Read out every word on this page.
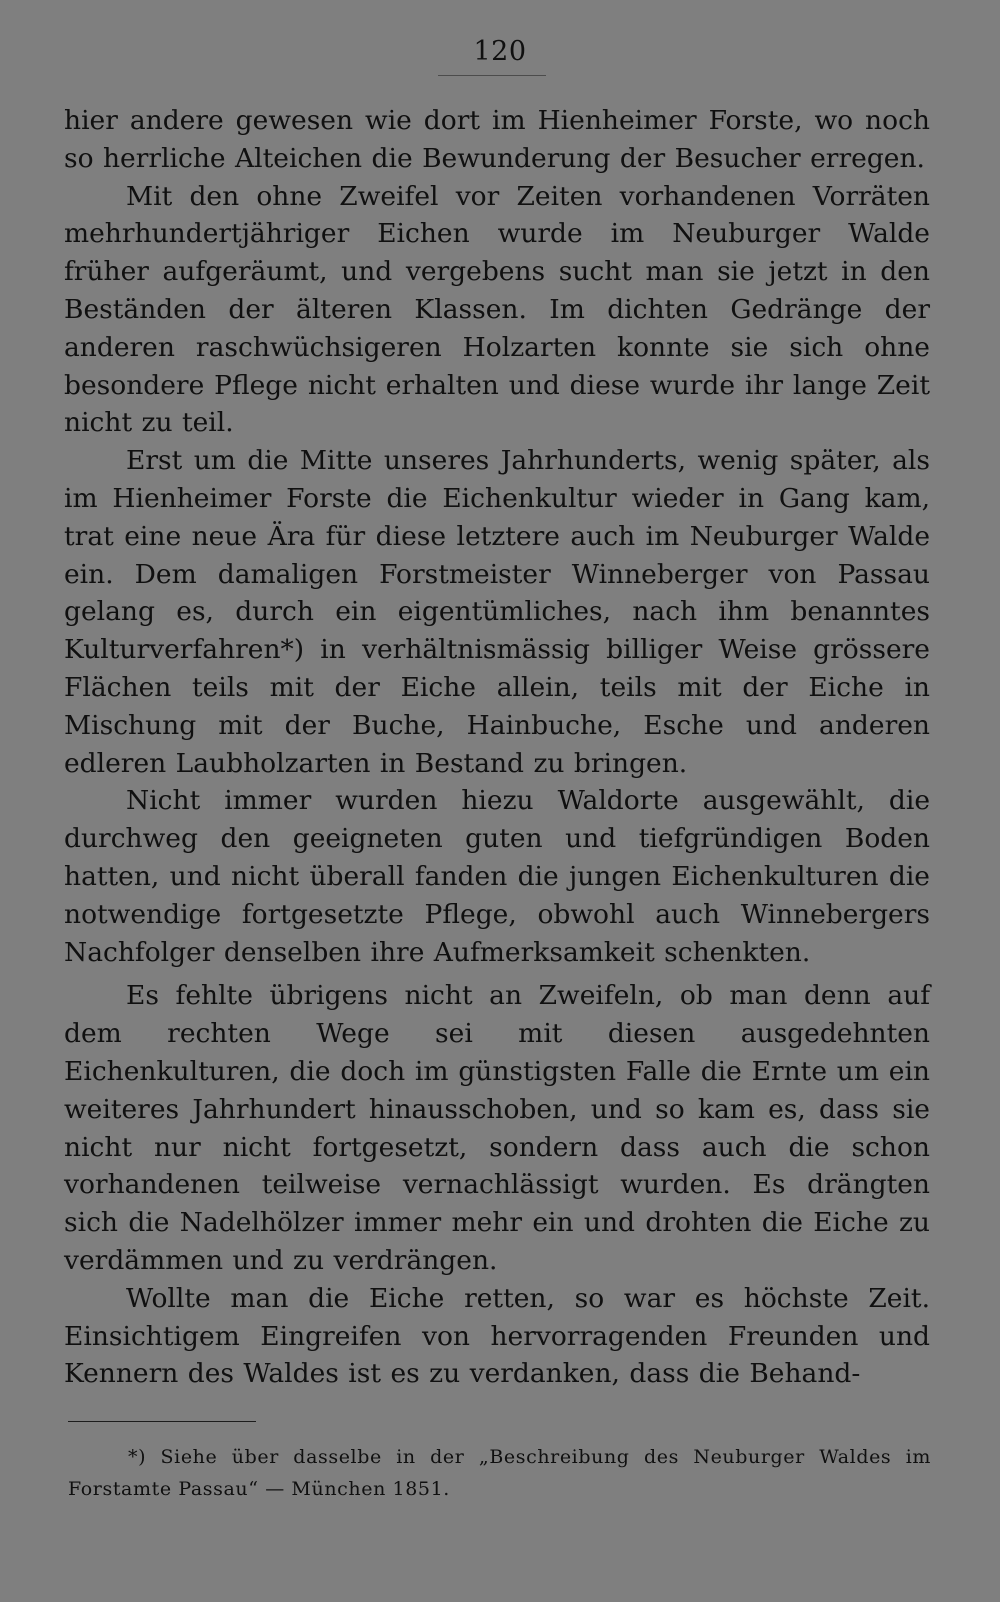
120

hier andere gewesen wie dort im Hienheimer Forste, wo noch so herrliche Alteichen die Bewunderung der Besucher erregen.

Mit den ohne Zweifel vor Zeiten vorhandenen Vorräten mehrhundertjähriger Eichen wurde im Neuburger Walde früher aufgeräumt, und vergebens sucht man sie jetzt in den Beständen der älteren Klassen. Im dichten Gedränge der anderen raschwüchsigeren Holzarten konnte sie sich ohne besondere Pflege nicht erhalten und diese wurde ihr lange Zeit nicht zu teil.

Erst um die Mitte unseres Jahrhunderts, wenig später, als im Hienheimer Forste die Eichenkultur wieder in Gang kam, trat eine neue Ära für diese letztere auch im Neuburger Walde ein. Dem damaligen Forstmeister Winneberger von Passau gelang es, durch ein eigentümliches, nach ihm benanntes Kulturverfahren*) in verhältnismässig billiger Weise grössere Flächen teils mit der Eiche allein, teils mit der Eiche in Mischung mit der Buche, Hainbuche, Esche und anderen edleren Laubholzarten in Bestand zu bringen.

Nicht immer wurden hiezu Waldorte ausgewählt, die durchweg den geeigneten guten und tiefgründigen Boden hatten, und nicht überall fanden die jungen Eichenkulturen die notwendige fortgesetzte Pflege, obwohl auch Winnebergers Nachfolger denselben ihre Aufmerksamkeit schenkten.

Es fehlte übrigens nicht an Zweifeln, ob man denn auf dem rechten Wege sei mit diesen ausgedehnten Eichenkulturen, die doch im günstigsten Falle die Ernte um ein weiteres Jahrhundert hinausschoben, und so kam es, dass sie nicht nur nicht fortgesetzt, sondern dass auch die schon vorhandenen teilweise vernachlässigt wurden. Es drängten sich die Nadelhölzer immer mehr ein und drohten die Eiche zu verdämmen und zu verdrängen.

Wollte man die Eiche retten, so war es höchste Zeit. Einsichtigem Eingreifen von hervorragenden Freunden und Kennern des Waldes ist es zu verdanken, dass die Behand-

*) Siehe über dasselbe in der „Beschreibung des Neuburger Waldes im Forstamte Passau“ — München 1851.
